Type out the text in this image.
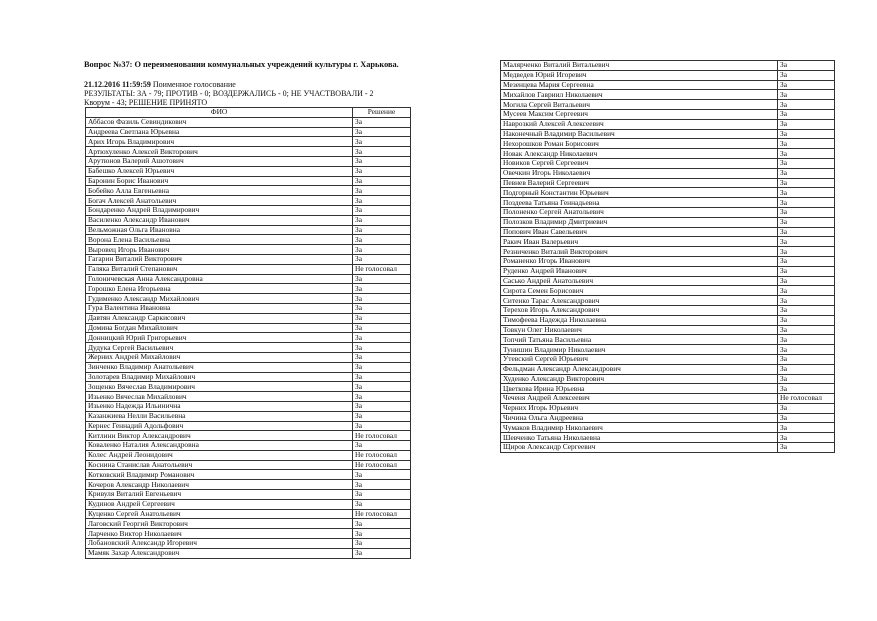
Вопрос №37: О переименовании коммунальных учреждений культуры г. Харькова.
21.12.2016 11:59:59 Поименное голосование
РЕЗУЛЬТАТЫ: ЗА - 79; ПРОТИВ - 0; ВОЗДЕРЖАЛИСЬ - 0; НЕ УЧАСТВОВАЛИ - 2
Кворум - 43; РЕШЕНИЕ ПРИНЯТО
ФИО	Решение
Аббасов Фазиль Севиндикович	За
Андреева Светлана Юрьевна	За
Арих Игорь Владимирович	За
Артюхуленко Алексей Викторович	За
Арутюнов Валерий Ашотович	За
Бабешко Алексей Юрьевич	За
Баронин Борис Иванович	За
Бобейко Алла Евгеньевна	За
Богач Алексей Анатольевич	За
Бондаренко Андрей Владимирович	За
Василенко Александр Иванович	За
Вельможная Ольга Ивановна	За
Ворона Елена Васильевна	За
Выровец Игорь Иванович	За
Гагарин Виталий Викторович	За
Галяка Виталий Степанович	Не голосовал
Голоничевская Анна Александровна	За
Горошко Елена Игорьевна	За
Гудименко Александр Михайлович	За
Гура Валентина Ивановна	За
Давтян Александр Саркисович	За
Домина Богдан Михайлович	За
Донницкий Юрий Григорьевич	За
Дудука Сергей Васильевич	За
Жерних Андрей Михайлович	За
Зинченко Владимир Анатольевич	За
Золотарев Владимир Михайлович	За
Зощенко Вячеслав Владимирович	За
Изьенко Вячеслав Михайлович	За
Изьенко Надежда Ильинична	За
Казанжиева Нелли Васильевна	За
Кернес Геннадий Адольфович	За
Китлинн Виктор Александрович	Не голосовал
Коваленко Наталия Александровна	За
Колес Андрей Леонидович	Не голосовал
Коснина Станислав Анатольевич	Не голосовал
Котковский Владимир Романович	За
Кочеров Александр Николаевич	За
Кривуля Виталий Евгеньевич	За
Кудинов Андрей Сергеевич	За
Куценко Сергей Анатольевич	Не голосовал
Лаговский Георгий Викторович	За
Ларченко Виктор Николаевич	За
Лобановский Александр Игоревич	За
Мамяк Захар Александрович	За
Малярченко Виталий Витальевич	За
Медведев Юрий Игоревич	За
Мезенцева Мария Сергеевна	За
Михайлов Гавриил Николаевич	За
Могила Сергей Витальевич	За
Мусеев Максим Сергеевич	За
Наврозкий Алексей Алексеевич	За
Наконечный Владимир Васильевич	За
Нехорошков Роман Борисович	За
Новак Александр Николаевич	За
Новиков Сергей Сергеевич	За
Овечкин Игорь Николаевич	За
Певнев Валерий Сергеевич	За
Подгорный Константин Юрьевич	За
Поздеева Татьяна Геннадьевна	За
Полоненко Сергей Анатольевич	За
Полозков Владимир Дмитриевич	За
Попович Иван Савельевич	За
Ракич Иван Валерьевич	За
Резниченко Виталий Викторович	За
Романенко Игорь Иванович	За
Руденко Андрей Иванович	За
Сасько Андрей Анатольевич	За
Сирота Семен Борисович	За
Ситенко Тарас Александрович	За
Терехов Игорь Александрович	За
Тимофеева Надежда Николаевна	За
Товкун Олег Николаевич	За
Топчий Татьяна Васильевна	За
Тунишин Владимир Николаевич	За
Утевский Сергей Юрьевич	За
Фельдман Александр Александрович	За
Худенко Александр Викторович	За
Цветкова Ирина Юрьевна	За
Чеченя Андрей Алексеевич	Не голосовал
Черних Игорь Юрьевич	За
Чичина Ольга Андреевна	За
Чумаков Владимир Николаевич	За
Шевченко Татьяна Николаевна	За
Щиров Александр Сергеевич	За
